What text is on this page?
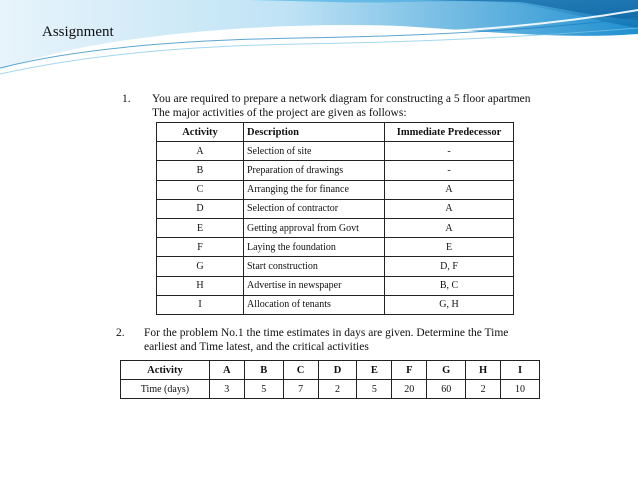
Assignment
1. You are required to prepare a network diagram for constructing a 5 floor apartmen
The major activities of the project are given as follows:
Activity	Description	Immediate Predecessor
A	Selection of site	-
B	Preparation of drawings	-
C	Arranging the for finance	A
D	Selection of contractor	A
E	Getting approval from Govt	A
F	Laying the foundation	E
G	Start construction	D, F
H	Advertise in newspaper	B, C
I	Allocation of tenants	G, H
2. For the problem No.1 the time estimates in days are given. Determine the Time
earliest and Time latest, and the critical activities
Activity	A	B	C	D	E	F	G	H	I
Time (days)	3	5	7	2	5	20	60	2	10
